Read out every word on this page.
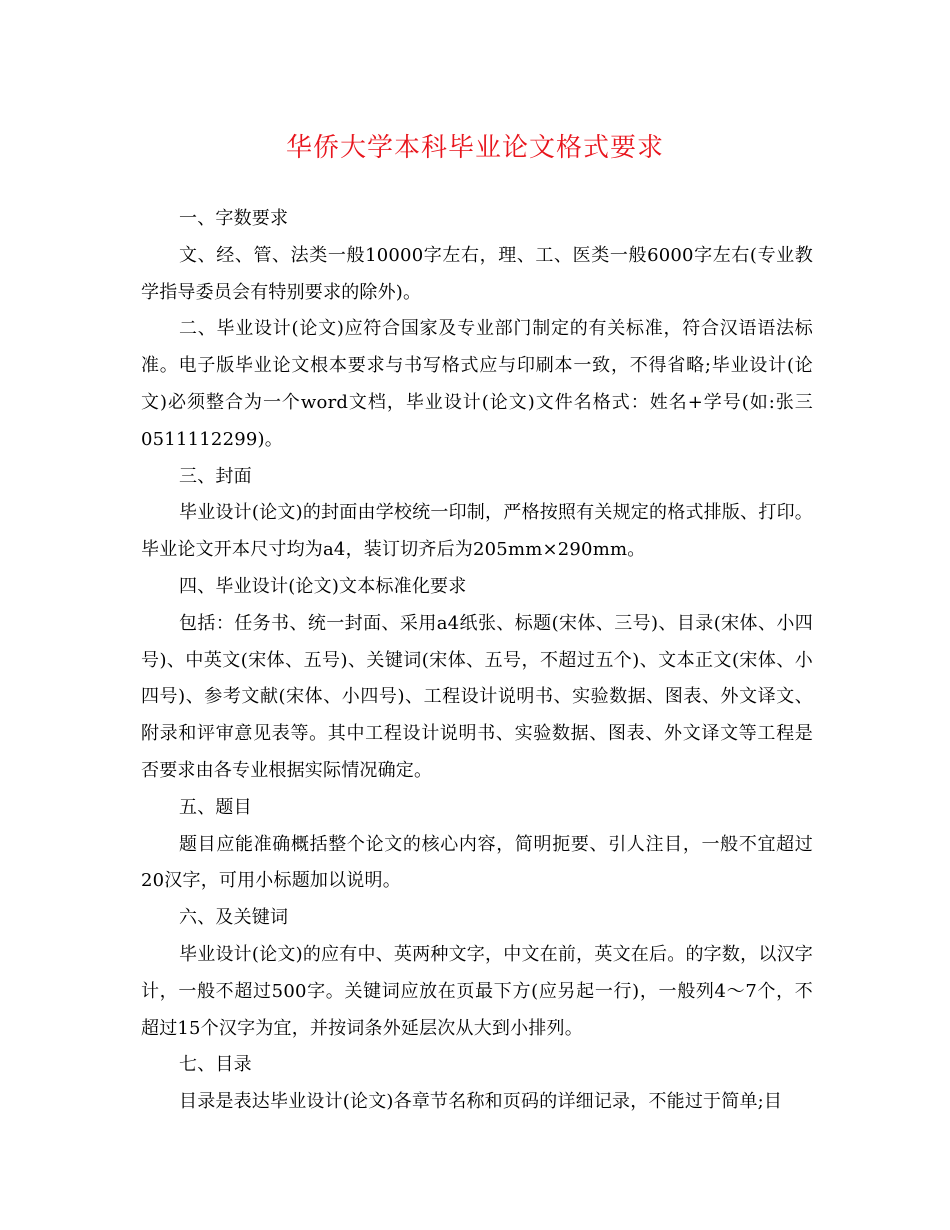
华侨大学本科毕业论文格式要求

一、字数要求

文、经、管、法类一般10000字左右，理、工、医类一般6000字左右(专业教学指导委员会有特别要求的除外)。

二、毕业设计(论文)应符合国家及专业部门制定的有关标准，符合汉语语法标准。电子版毕业论文根本要求与书写格式应与印刷本一致，不得省略;毕业设计(论文)必须整合为一个word文档，毕业设计(论文)文件名格式：姓名+学号(如:张三0511112299)。

三、封面

毕业设计(论文)的封面由学校统一印制，严格按照有关规定的格式排版、打印。毕业论文开本尺寸均为a4，装订切齐后为205mm×290mm。

四、毕业设计(论文)文本标准化要求

包括：任务书、统一封面、采用a4纸张、标题(宋体、三号)、目录(宋体、小四号)、中英文(宋体、五号)、关键词(宋体、五号，不超过五个)、文本正文(宋体、小四号)、参考文献(宋体、小四号)、工程设计说明书、实验数据、图表、外文译文、附录和评审意见表等。其中工程设计说明书、实验数据、图表、外文译文等工程是否要求由各专业根据实际情况确定。

五、题目

题目应能准确概括整个论文的核心内容，简明扼要、引人注目，一般不宜超过20汉字，可用小标题加以说明。

六、及关键词

毕业设计(论文)的应有中、英两种文字，中文在前，英文在后。的字数，以汉字计，一般不超过500字。关键词应放在页最下方(应另起一行)，一般列4～7个，不超过15个汉字为宜，并按词条外延层次从大到小排列。

七、目录

目录是表达毕业设计(论文)各章节名称和页码的详细记录，不能过于简单;目
